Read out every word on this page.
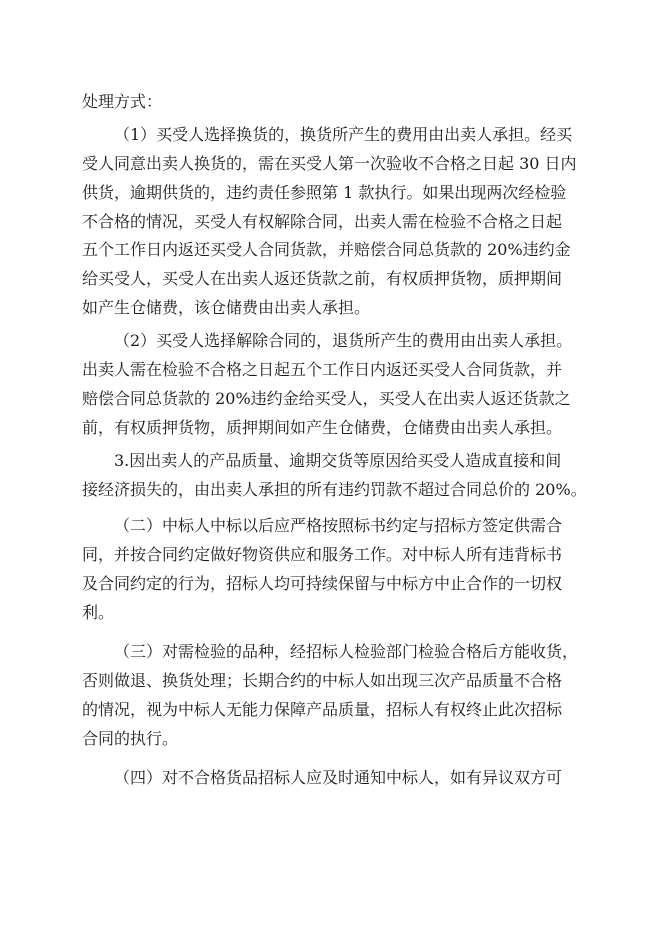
处理方式：

（1）买受人选择换货的，换货所产生的费用由出卖人承担。经买

受人同意出卖人换货的，需在买受人第一次验收不合格之日起 30 日内

供货，逾期供货的，违约责任参照第 1 款执行。如果出现两次经检验

不合格的情况，买受人有权解除合同，出卖人需在检验不合格之日起

五个工作日内返还买受人合同货款，并赔偿合同总货款的 20%违约金

给买受人，买受人在出卖人返还货款之前，有权质押货物，质押期间

如产生仓储费，该仓储费由出卖人承担。

（2）买受人选择解除合同的，退货所产生的费用由出卖人承担。

出卖人需在检验不合格之日起五个工作日内返还买受人合同货款，并

赔偿合同总货款的 20%违约金给买受人，买受人在出卖人返还货款之

前，有权质押货物，质押期间如产生仓储费，仓储费由出卖人承担。

3.因出卖人的产品质量、逾期交货等原因给买受人造成直接和间

接经济损失的，由出卖人承担的所有违约罚款不超过合同总价的 20%。

（二）中标人中标以后应严格按照标书约定与招标方签定供需合

同，并按合同约定做好物资供应和服务工作。对中标人所有违背标书

及合同约定的行为，招标人均可持续保留与中标方中止合作的一切权

利。

（三）对需检验的品种，经招标人检验部门检验合格后方能收货，

否则做退、换货处理；长期合约的中标人如出现三次产品质量不合格

的情况，视为中标人无能力保障产品质量，招标人有权终止此次招标

合同的执行。

（四）对不合格货品招标人应及时通知中标人，如有异议双方可
